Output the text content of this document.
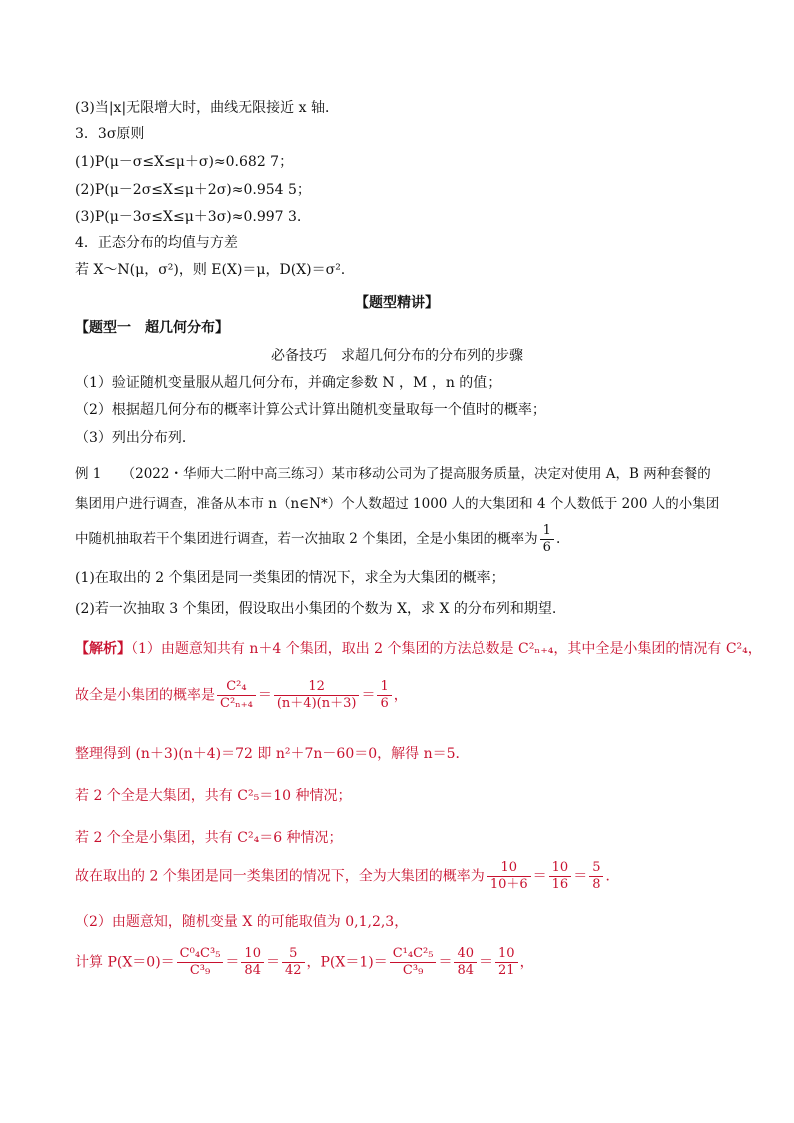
(3)当|x|无限增大时，曲线无限接近 x 轴．
3．3σ原则
(1)P(μ－σ≤X≤μ＋σ)≈0.682 7；
(2)P(μ－2σ≤X≤μ＋2σ)≈0.954 5；
(3)P(μ－3σ≤X≤μ＋3σ)≈0.997 3.
4．正态分布的均值与方差
若 X～N(μ，σ²)，则 E(X)＝μ，D(X)＝σ².
【题型精讲】
【题型一　超几何分布】
必备技巧　求超几何分布的分布列的步骤
（1）验证随机变量服从超几何分布，并确定参数 N ，M ，n 的值；
（2）根据超几何分布的概率计算公式计算出随机变量取每一个值时的概率；
（3）列出分布列．
例 1　　（2022・华师大二附中高三练习）某市移动公司为了提高服务质量，决定对使用 A，B 两种套餐的
集团用户进行调查，准备从本市 n（n∈N*）个人数超过 1000 人的大集团和 4 个人数低于 200 人的小集团
中随机抽取若干个集团进行调查，若一次抽取 2 个集团，全是小集团的概率为 $\frac{1}{6}$ .
(1)在取出的 2 个集团是同一类集团的情况下，求全为大集团的概率；
(2)若一次抽取 3 个集团，假设取出小集团的个数为 X，求 X 的分布列和期望.
【解析】（1）由题意知共有 n＋4 个集团，取出 2 个集团的方法总数是 C²ₙ₊₄，其中全是小集团的情况有 C²₄，
故全是小集团的概率是 $\frac{\text{C²₄}}{\text{C²ₙ₊₄}} = \frac{12}{(n+4)(n+3)} = \frac{1}{6}$ ，
整理得到 (n＋3)(n＋4)＝72 即 n²＋7n－60＝0，解得 n＝5．
若 2 个全是大集团，共有 C²₅＝10 种情况；
若 2 个全是小集团，共有 C²₄＝6 种情况；
故在取出的 2 个集团是同一类集团的情况下，全为大集团的概率为 $\frac{10}{10+6} = \frac{10}{16} = \frac{5}{8}$ ．
（2）由题意知，随机变量 X 的可能取值为 0,1,2,3，
计算 $P(X=0)= \frac{\text{C⁰₄C³₅}}{\text{C³₉}} = \frac{10}{84} = \frac{5}{42}$ ，$P(X=1)= \frac{\text{C¹₄C²₅}}{\text{C³₉}} = \frac{40}{84} = \frac{10}{21}$ ，
